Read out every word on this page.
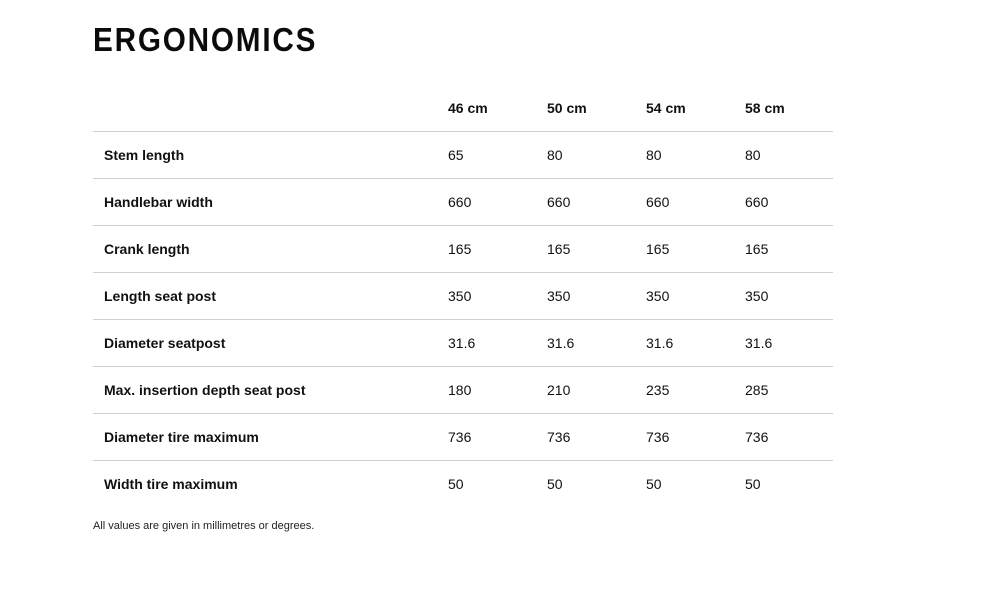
ERGONOMICS
	46 cm	50 cm	54 cm	58 cm
Stem length	65	80	80	80
Handlebar width	660	660	660	660
Crank length	165	165	165	165
Length seat post	350	350	350	350
Diameter seatpost	31.6	31.6	31.6	31.6
Max. insertion depth seat post	180	210	235	285
Diameter tire maximum	736	736	736	736
Width tire maximum	50	50	50	50

All values are given in millimetres or degrees.
